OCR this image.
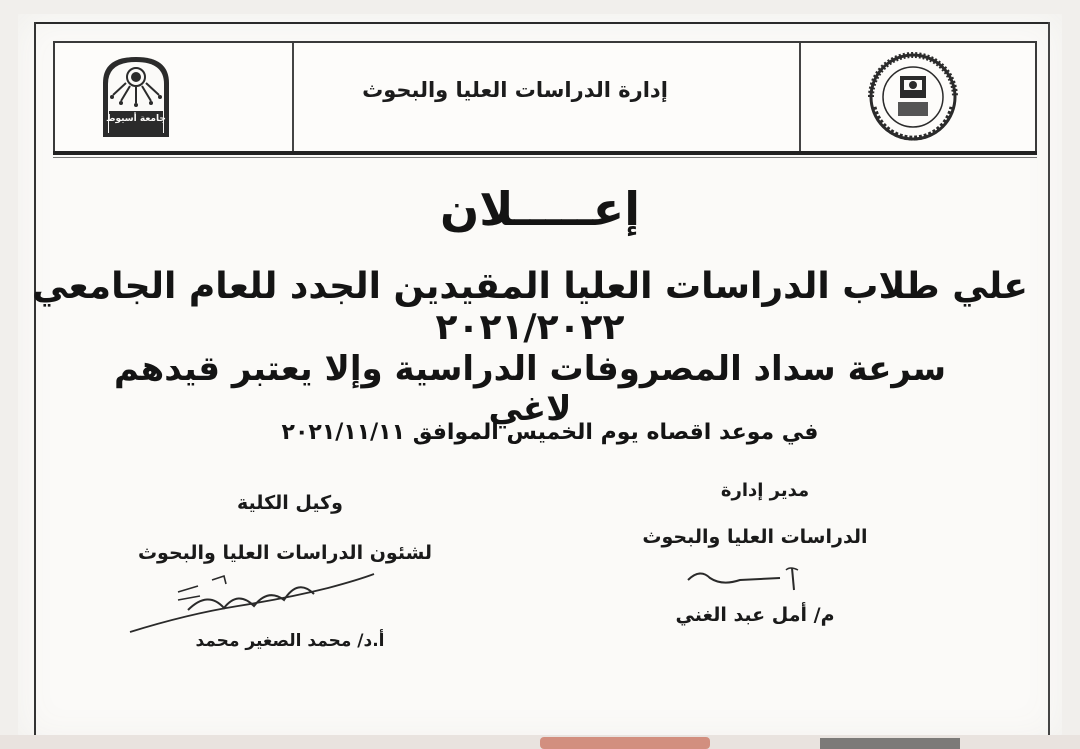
جامعة أسيوط
إدارة الدراسات العليا والبحوث
إعـــــلان
علي طلاب الدراسات العليا المقيدين الجدد للعام الجامعي ٢٠٢١/٢٠٢٢
سرعة سداد المصروفات الدراسية وإلا يعتبر قيدهم لاغي
في موعد اقصاه يوم الخميس الموافق ٢٠٢١/١١/١١
مدير إدارة
الدراسات العليا والبحوث
م/ أمل عبد الغني
وكيل الكلية
لشئون الدراسات العليا والبحوث
أ.د/ محمد الصغير محمد
